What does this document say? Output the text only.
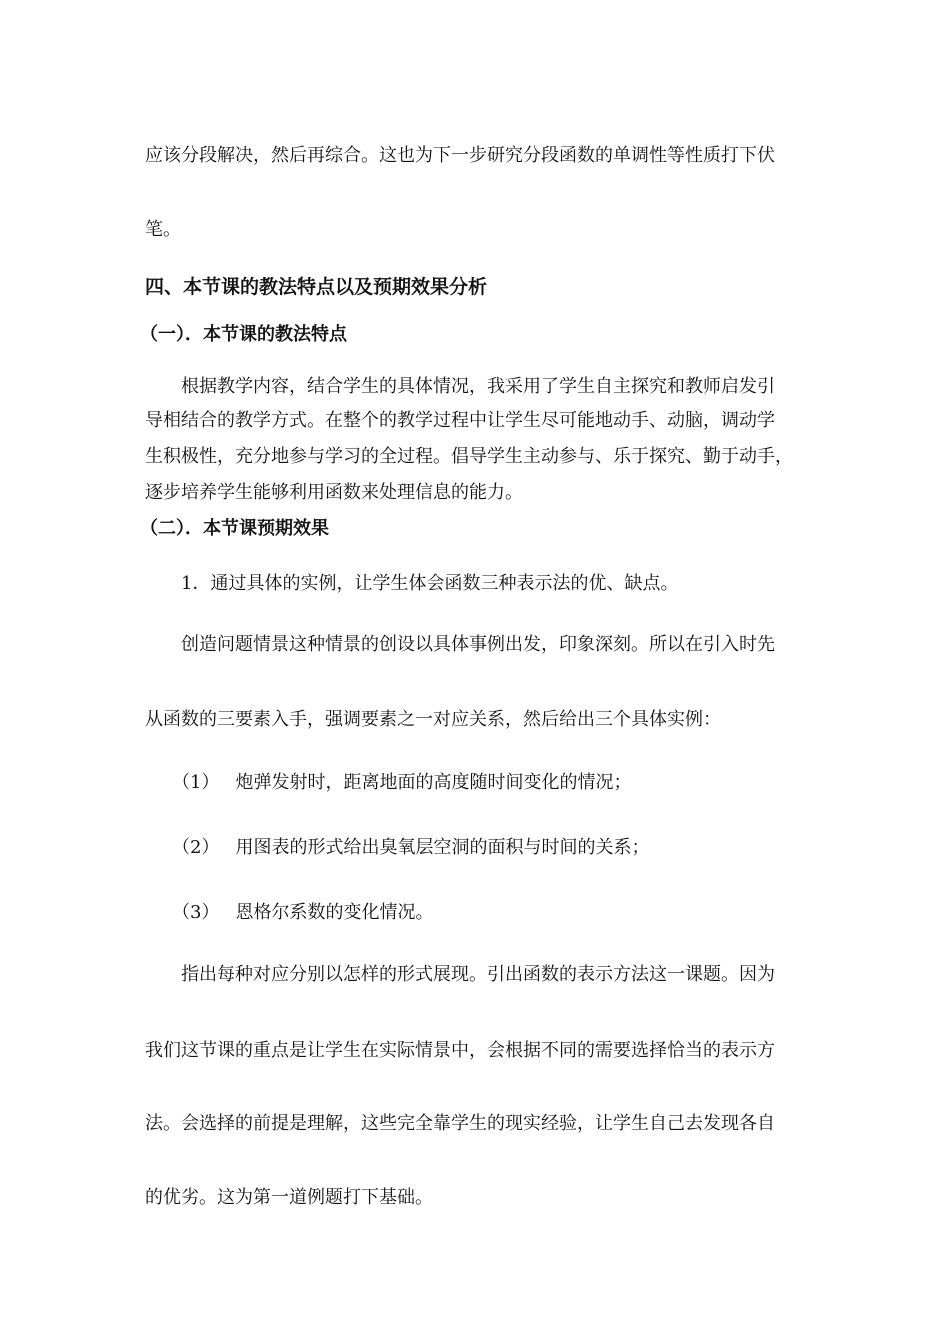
应该分段解决，然后再综合。这也为下一步研究分段函数的单调性等性质打下伏
笔。
四、本节课的教法特点以及预期效果分析
（一）．本节课的教法特点
根据教学内容，结合学生的具体情况，我采用了学生自主探究和教师启发引
导相结合的教学方式。在整个的教学过程中让学生尽可能地动手、动脑，调动学
生积极性，充分地参与学习的全过程。倡导学生主动参与、乐于探究、勤于动手，
逐步培养学生能够利用函数来处理信息的能力。
（二）．本节课预期效果
1．通过具体的实例，让学生体会函数三种表示法的优、缺点。
创造问题情景这种情景的创设以具体事例出发，印象深刻。所以在引入时先
从函数的三要素入手，强调要素之一对应关系，然后给出三个具体实例：
（1） 炮弹发射时，距离地面的高度随时间变化的情况；
（2） 用图表的形式给出臭氧层空洞的面积与时间的关系；
（3） 恩格尔系数的变化情况。
指出每种对应分别以怎样的形式展现。引出函数的表示方法这一课题。因为
我们这节课的重点是让学生在实际情景中，会根据不同的需要选择恰当的表示方
法。会选择的前提是理解，这些完全靠学生的现实经验，让学生自己去发现各自
的优劣。这为第一道例题打下基础。
